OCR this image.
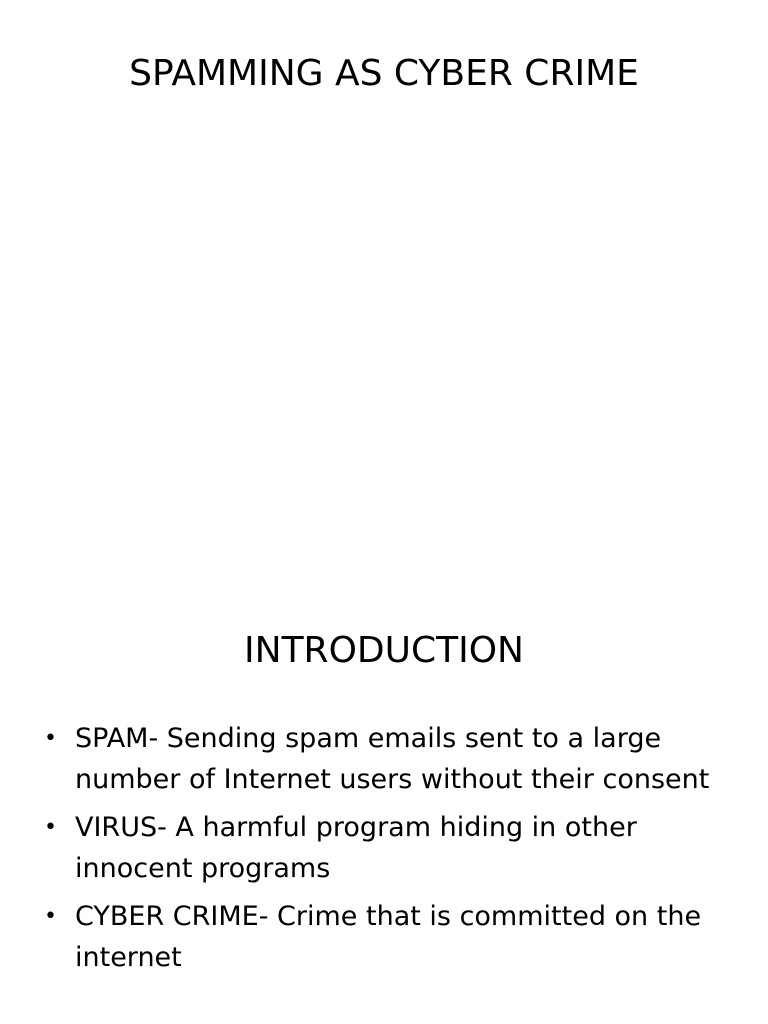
SPAMMING AS CYBER CRIME
INTRODUCTION
• SPAM- Sending spam emails sent to a large number of Internet users without their consent
• VIRUS- A harmful program hiding in other innocent programs
• CYBER CRIME- Crime that is committed on the internet
